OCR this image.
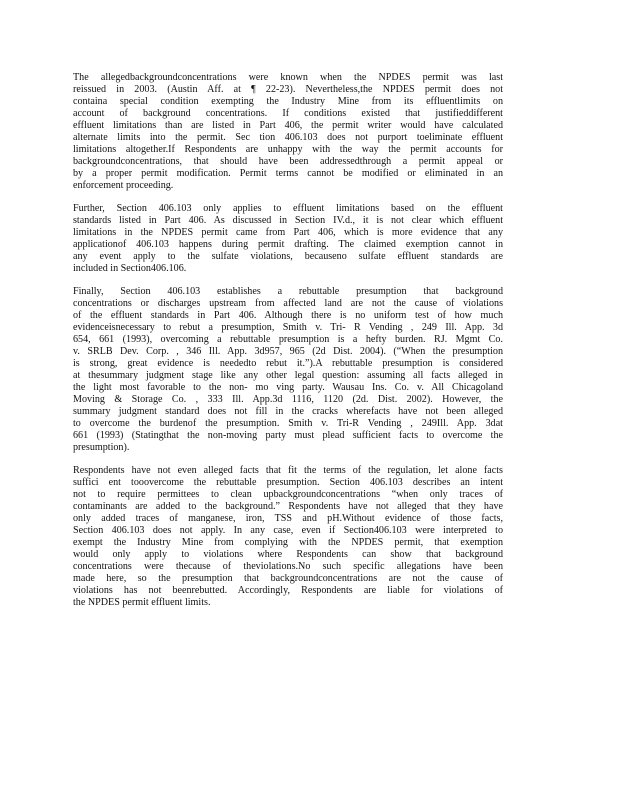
The allegedbackgroundconcentrations were known when the NPDES permit was last
reissued in 2003. (Austin Aff. at ¶ 22-23). Nevertheless,the NPDES permit does not
containa special condition exempting the Industry Mine from its effluentlimits on
account of background concentrations. If conditions existed that justifieddifferent
effluent limitations than are listed in Part 406, the permit writer would have calculated
alternate limits into the permit. Sec tion 406.103 does not purport toeliminate effluent
limitations altogether.If Respondents are unhappy with the way the permit accounts for
backgroundconcentrations, that should have been addressedthrough a permit appeal or
by a proper permit modification. Permit terms cannot be modified or eliminated in an
enforcement proceeding.

Further, Section 406.103 only applies to effluent limitations based on the effluent
standards listed in Part 406. As discussed in Section IV.d., it is not clear which effluent
limitations in the NPDES permit came from Part 406, which is more evidence that any
applicationof 406.103 happens during permit drafting. The claimed exemption cannot in
any event apply to the sulfate violations, becauseno sulfate effluent standards are
included in Section406.106.

Finally, Section 406.103 establishes a rebuttable presumption that background
concentrations or discharges upstream from affected land are not the cause of violations
of the effluent standards in Part 406. Although there is no uniform test of how much
evidenceisnecessary to rebut a presumption, Smith v. Tri- R Vending , 249 Ill. App. 3d
654, 661 (1993), overcoming a rebuttable presumption is a hefty burden. RJ. Mgmt Co.
v. SRLB Dev. Corp. , 346 Ill. App. 3d957, 965 (2d Dist. 2004). (“When the presumption
is strong, great evidence is neededto rebut it.”).A rebuttable presumption is considered
at thesummary judgment stage like any other legal question: assuming all facts alleged in
the light most favorable to the non- mo ving party. Wausau Ins. Co. v. All Chicagoland
Moving & Storage Co. , 333 Ill. App.3d 1116, 1120 (2d. Dist. 2002). However, the
summary judgment standard does not fill in the cracks wherefacts have not been alleged
to overcome the burdenof the presumption. Smith v. Tri-R Vending , 249Ill. App. 3dat
661 (1993) (Statingthat the non-moving party must plead sufficient facts to overcome the
presumption).

Respondents have not even alleged facts that fit the terms of the regulation, let alone facts
suffici ent tooovercome the rebuttable presumption. Section 406.103 describes an intent
not to require permittees to clean upbackgroundconcentrations “when only traces of
contaminants are added to the background.” Respondents have not alleged that they have
only added traces of manganese, iron, TSS and pH.Without evidence of those facts,
Section 406.103 does not apply. In any case, even if Section406.103 were interpreted to
exempt the Industry Mine from complying with the NPDES permit, that exemption
would only apply to violations where Respondents can show that background
concentrations were thecause of theviolations.No such specific allegations have been
made here, so the presumption that backgroundconcentrations are not the cause of
violations has not beenrebutted. Accordingly, Respondents are liable for violations of
the NPDES permit effluent limits.
